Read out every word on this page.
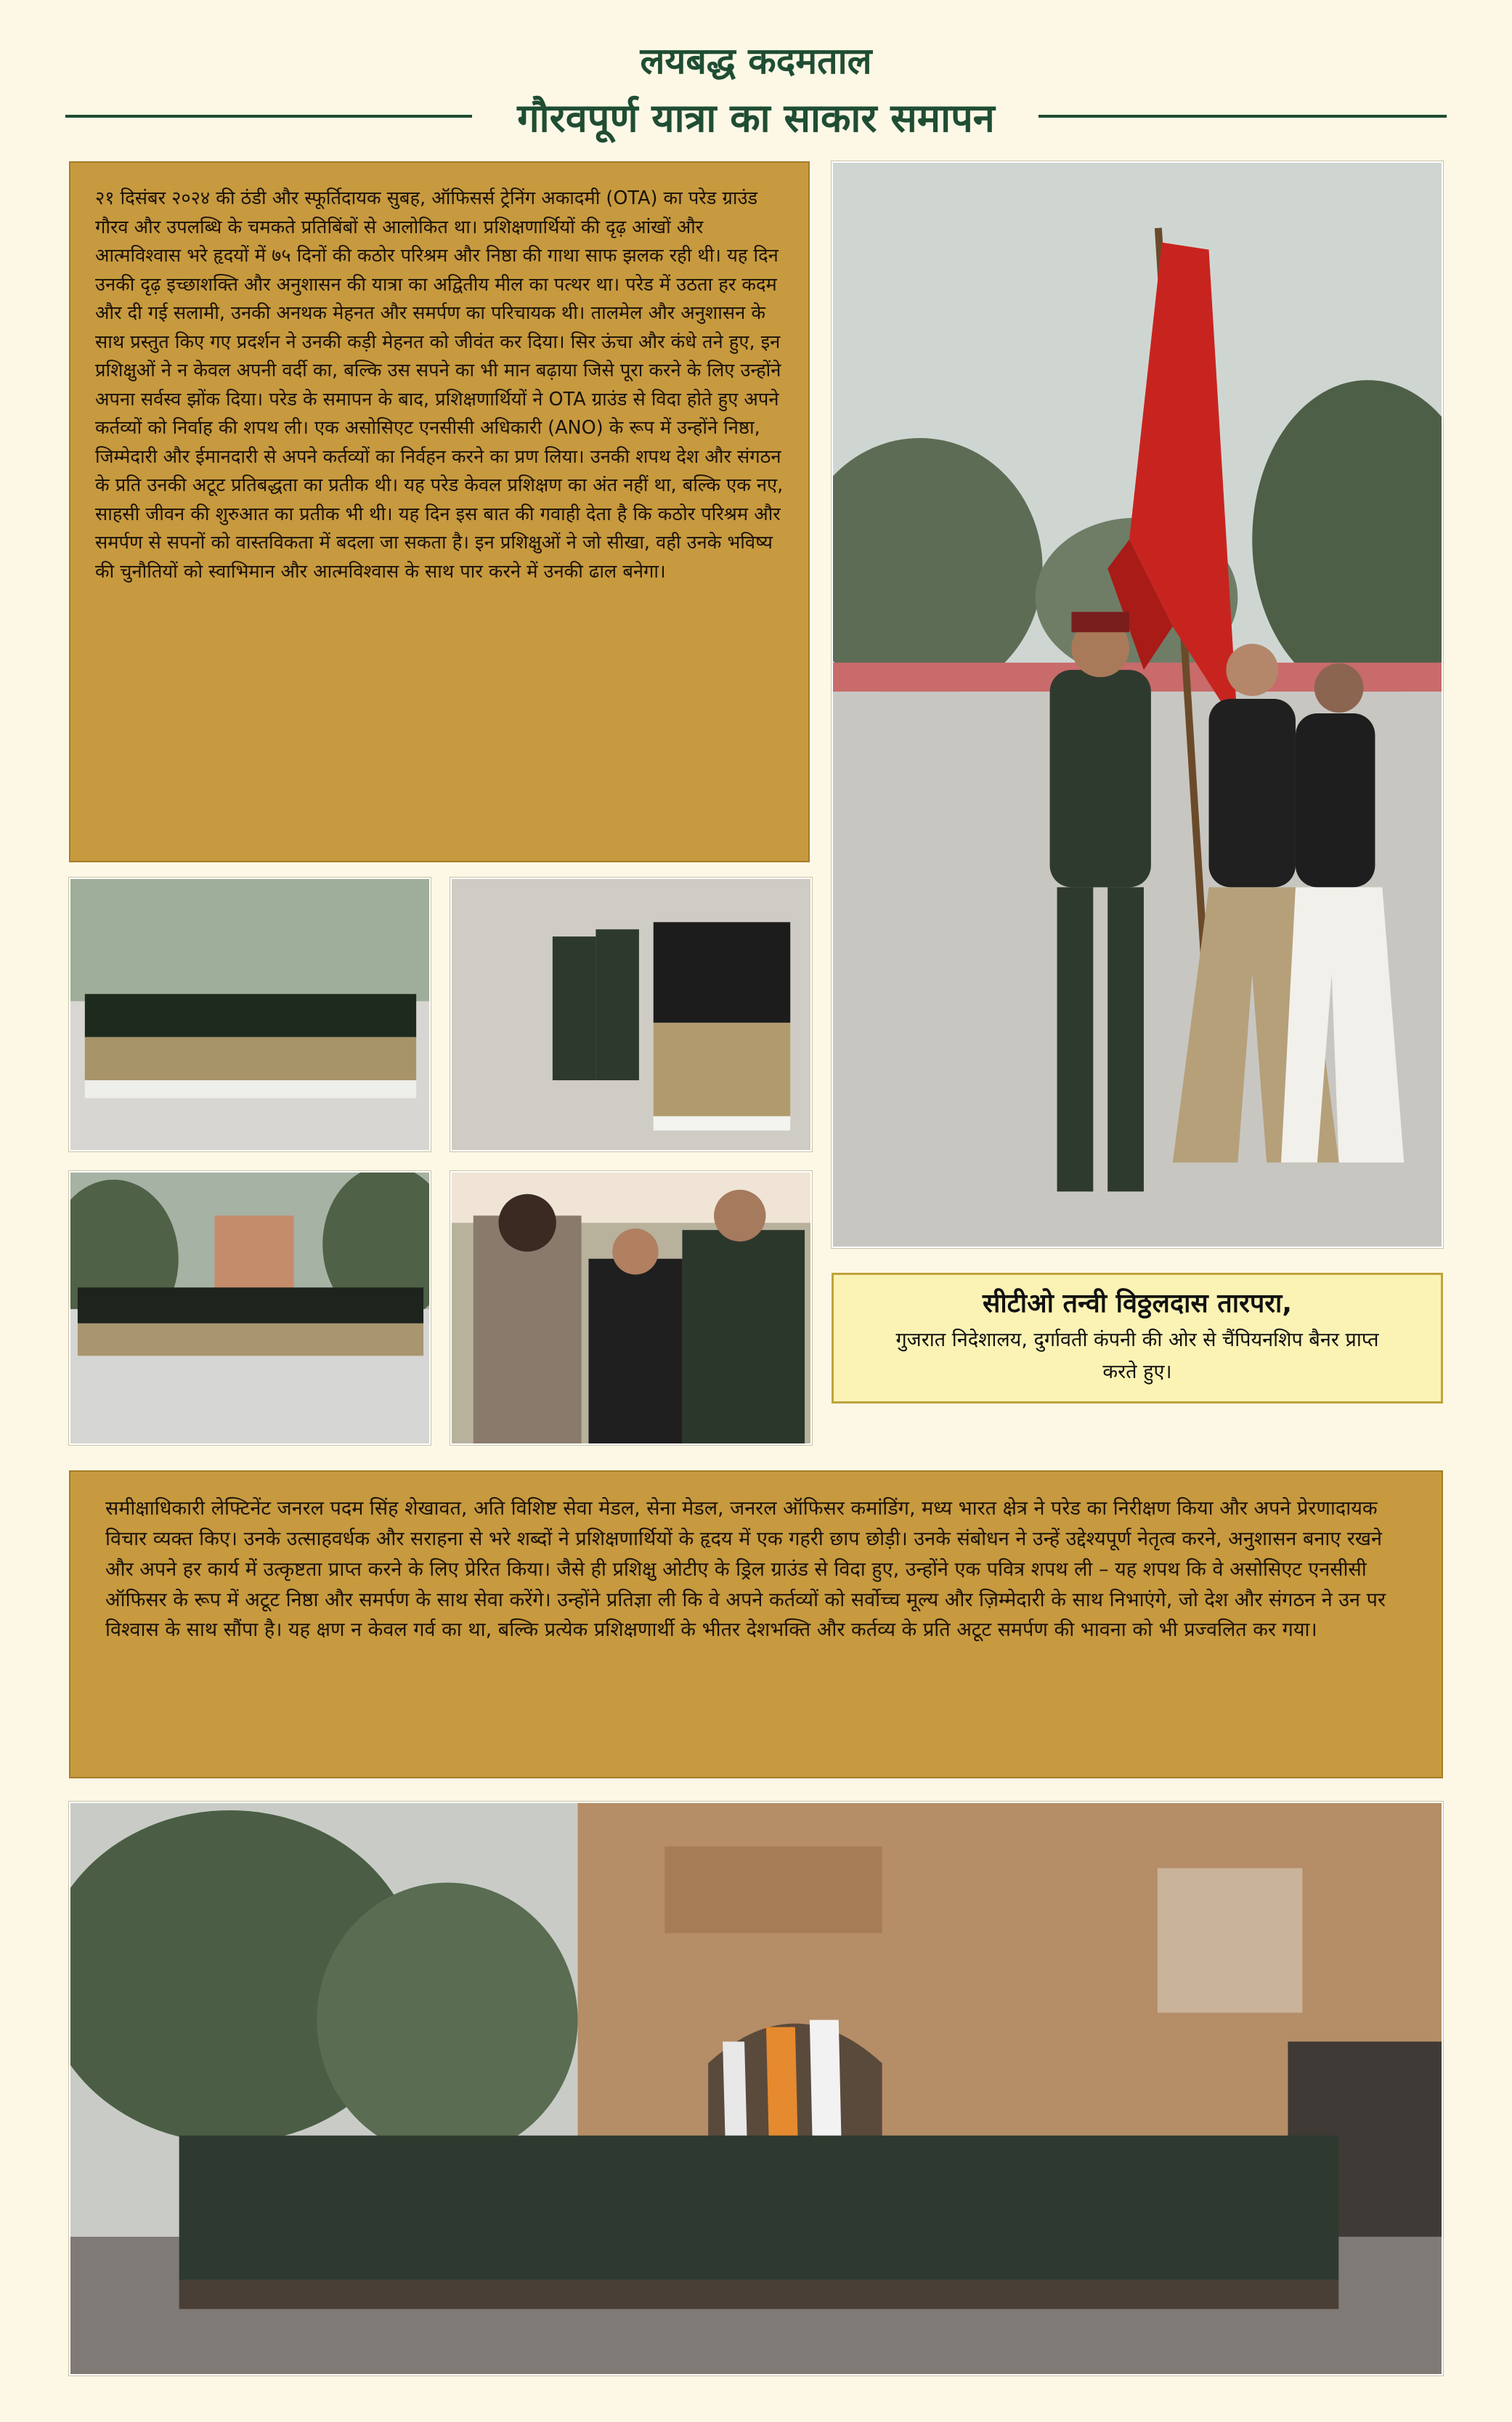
लयबद्ध कदमताल
गौरवपूर्ण यात्रा का साकार समापन

२१ दिसंबर २०२४ की ठंडी और स्फूर्तिदायक सुबह, ऑफिसर्स ट्रेनिंग अकादमी (OTA) का परेड ग्राउंड गौरव और उपलब्धि के चमकते प्रतिबिंबों से आलोकित था। प्रशिक्षणार्थियों की दृढ़ आंखों और आत्मविश्वास भरे हृदयों में ७५ दिनों की कठोर परिश्रम और निष्ठा की गाथा साफ झलक रही थी। यह दिन उनकी दृढ़ इच्छाशक्ति और अनुशासन की यात्रा का अद्वितीय मील का पत्थर था। परेड में उठता हर कदम और दी गई सलामी, उनकी अनथक मेहनत और समर्पण का परिचायक थी। तालमेल और अनुशासन के साथ प्रस्तुत किए गए प्रदर्शन ने उनकी कड़ी मेहनत को जीवंत कर दिया। सिर ऊंचा और कंधे तने हुए, इन प्रशिक्षुओं ने न केवल अपनी वर्दी का, बल्कि उस सपने का भी मान बढ़ाया जिसे पूरा करने के लिए उन्होंने अपना सर्वस्व झोंक दिया। परेड के समापन के बाद, प्रशिक्षणार्थियों ने OTA ग्राउंड से विदा होते हुए अपने कर्तव्यों को निर्वाह की शपथ ली। एक असोसिएट एनसीसी अधिकारी (ANO) के रूप में उन्होंने निष्ठा, जिम्मेदारी और ईमानदारी से अपने कर्तव्यों का निर्वहन करने का प्रण लिया। उनकी शपथ देश और संगठन के प्रति उनकी अटूट प्रतिबद्धता का प्रतीक थी। यह परेड केवल प्रशिक्षण का अंत नहीं था, बल्कि एक नए, साहसी जीवन की शुरुआत का प्रतीक भी थी। यह दिन इस बात की गवाही देता है कि कठोर परिश्रम और समर्पण से सपनों को वास्तविकता में बदला जा सकता है। इन प्रशिक्षुओं ने जो सीखा, वही उनके भविष्य की चुनौतियों को स्वाभिमान और आत्मविश्वास के साथ पार करने में उनकी ढाल बनेगा।

सीटीओ तन्वी विठ्ठलदास तारपरा,
गुजरात निदेशालय, दुर्गावती कंपनी की ओर से चैंपियनशिप बैनर प्राप्त करते हुए।

समीक्षाधिकारी लेफ्टिनेंट जनरल पदम सिंह शेखावत, अति विशिष्ट सेवा मेडल, सेना मेडल, जनरल ऑफिसर कमांडिंग, मध्य भारत क्षेत्र ने परेड का निरीक्षण किया और अपने प्रेरणादायक विचार व्यक्त किए। उनके उत्साहवर्धक और सराहना से भरे शब्दों ने प्रशिक्षणार्थियों के हृदय में एक गहरी छाप छोड़ी। उनके संबोधन ने उन्हें उद्देश्यपूर्ण नेतृत्व करने, अनुशासन बनाए रखने और अपने हर कार्य में उत्कृष्टता प्राप्त करने के लिए प्रेरित किया। जैसे ही प्रशिक्षु ओटीए के ड्रिल ग्राउंड से विदा हुए, उन्होंने एक पवित्र शपथ ली – यह शपथ कि वे असोसिएट एनसीसी ऑफिसर के रूप में अटूट निष्ठा और समर्पण के साथ सेवा करेंगे। उन्होंने प्रतिज्ञा ली कि वे अपने कर्तव्यों को सर्वोच्च मूल्य और ज़िम्मेदारी के साथ निभाएंगे, जो देश और संगठन ने उन पर विश्वास के साथ सौंपा है। यह क्षण न केवल गर्व का था, बल्कि प्रत्येक प्रशिक्षणार्थी के भीतर देशभक्ति और कर्तव्य के प्रति अटूट समर्पण की भावना को भी प्रज्वलित कर गया।
